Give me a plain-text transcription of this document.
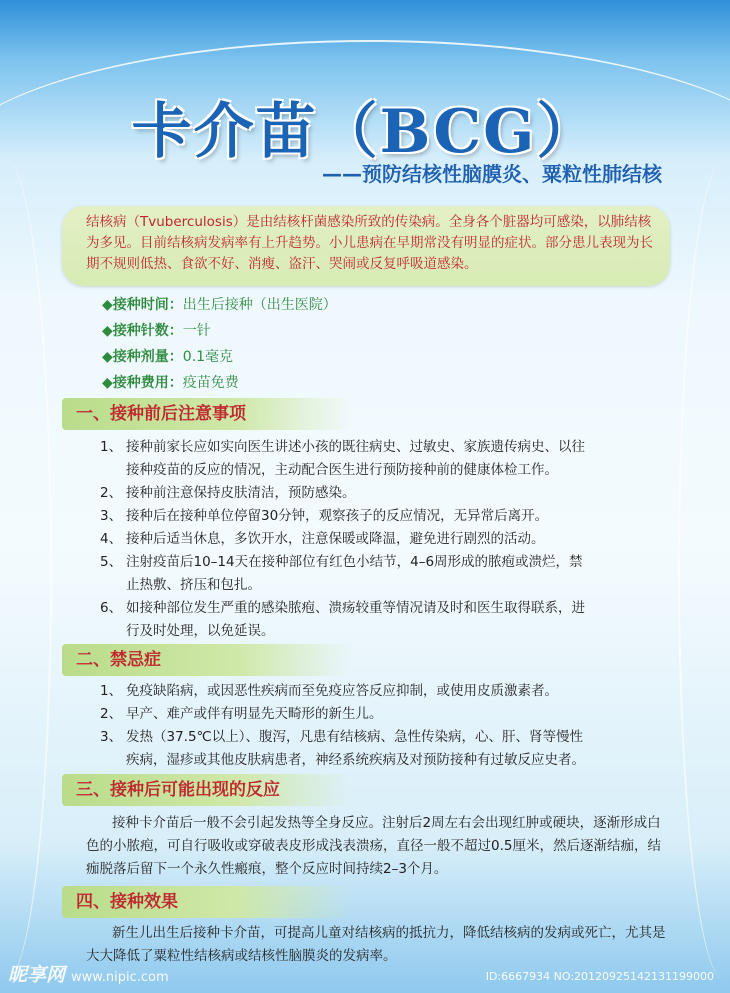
卡介苗（BCG）
——预防结核性脑膜炎、粟粒性肺结核

结核病（Tvuberculosis）是由结核杆菌感染所致的传染病。全身各个脏器均可感染，以肺结核为多见。目前结核病发病率有上升趋势。小儿患病在早期常没有明显的症状。部分患儿表现为长期不规则低热、食欲不好、消瘦、盗汗、哭闹或反复呼吸道感染。

◆接种时间：出生后接种（出生医院）
◆接种针数：一针
◆接种剂量：0.1毫克
◆接种费用：疫苗免费
一、接种前后注意事项
1、 接种前家长应如实向医生讲述小孩的既往病史、过敏史、家族遗传病史、以往
接种疫苗的反应的情况，主动配合医生进行预防接种前的健康体检工作。
2、 接种前注意保持皮肤清洁，预防感染。
3、 接种后在接种单位停留30分钟，观察孩子的反应情况，无异常后离开。
4、 接种后适当休息，多饮开水，注意保暖或降温，避免进行剧烈的活动。
5、 注射疫苗后10–14天在接种部位有红色小结节，4–6周形成的脓疱或溃烂，禁
止热敷、挤压和包扎。
6、 如接种部位发生严重的感染脓疱、溃疡较重等情况请及时和医生取得联系，进
行及时处理，以免延误。
二、禁忌症
1、 免疫缺陷病，或因恶性疾病而至免疫应答反应抑制，或使用皮质激素者。
2、 早产、难产或伴有明显先天畸形的新生儿。
3、 发热（37.5℃以上）、腹泻，凡患有结核病、急性传染病，心、肝、肾等慢性
疾病，湿疹或其他皮肤病患者，神经系统疾病及对预防接种有过敏反应史者。
三、接种后可能出现的反应
接种卡介苗后一般不会引起发热等全身反应。注射后2周左右会出现红肿或硬块，逐渐形成白色的小脓疱，可自行吸收或穿破表皮形成浅表溃疡，直径一般不超过0.5厘米，然后逐渐结痂，结痂脱落后留下一个永久性瘢痕，整个反应时间持续2–3个月。
四、接种效果
新生儿出生后接种卡介苗，可提高儿童对结核病的抵抗力，降低结核病的发病或死亡，尤其是大大降低了粟粒性结核病或结核性脑膜炎的发病率。
昵享网 www.nipic.com	ID:6667934 NO:20120925142131199000
